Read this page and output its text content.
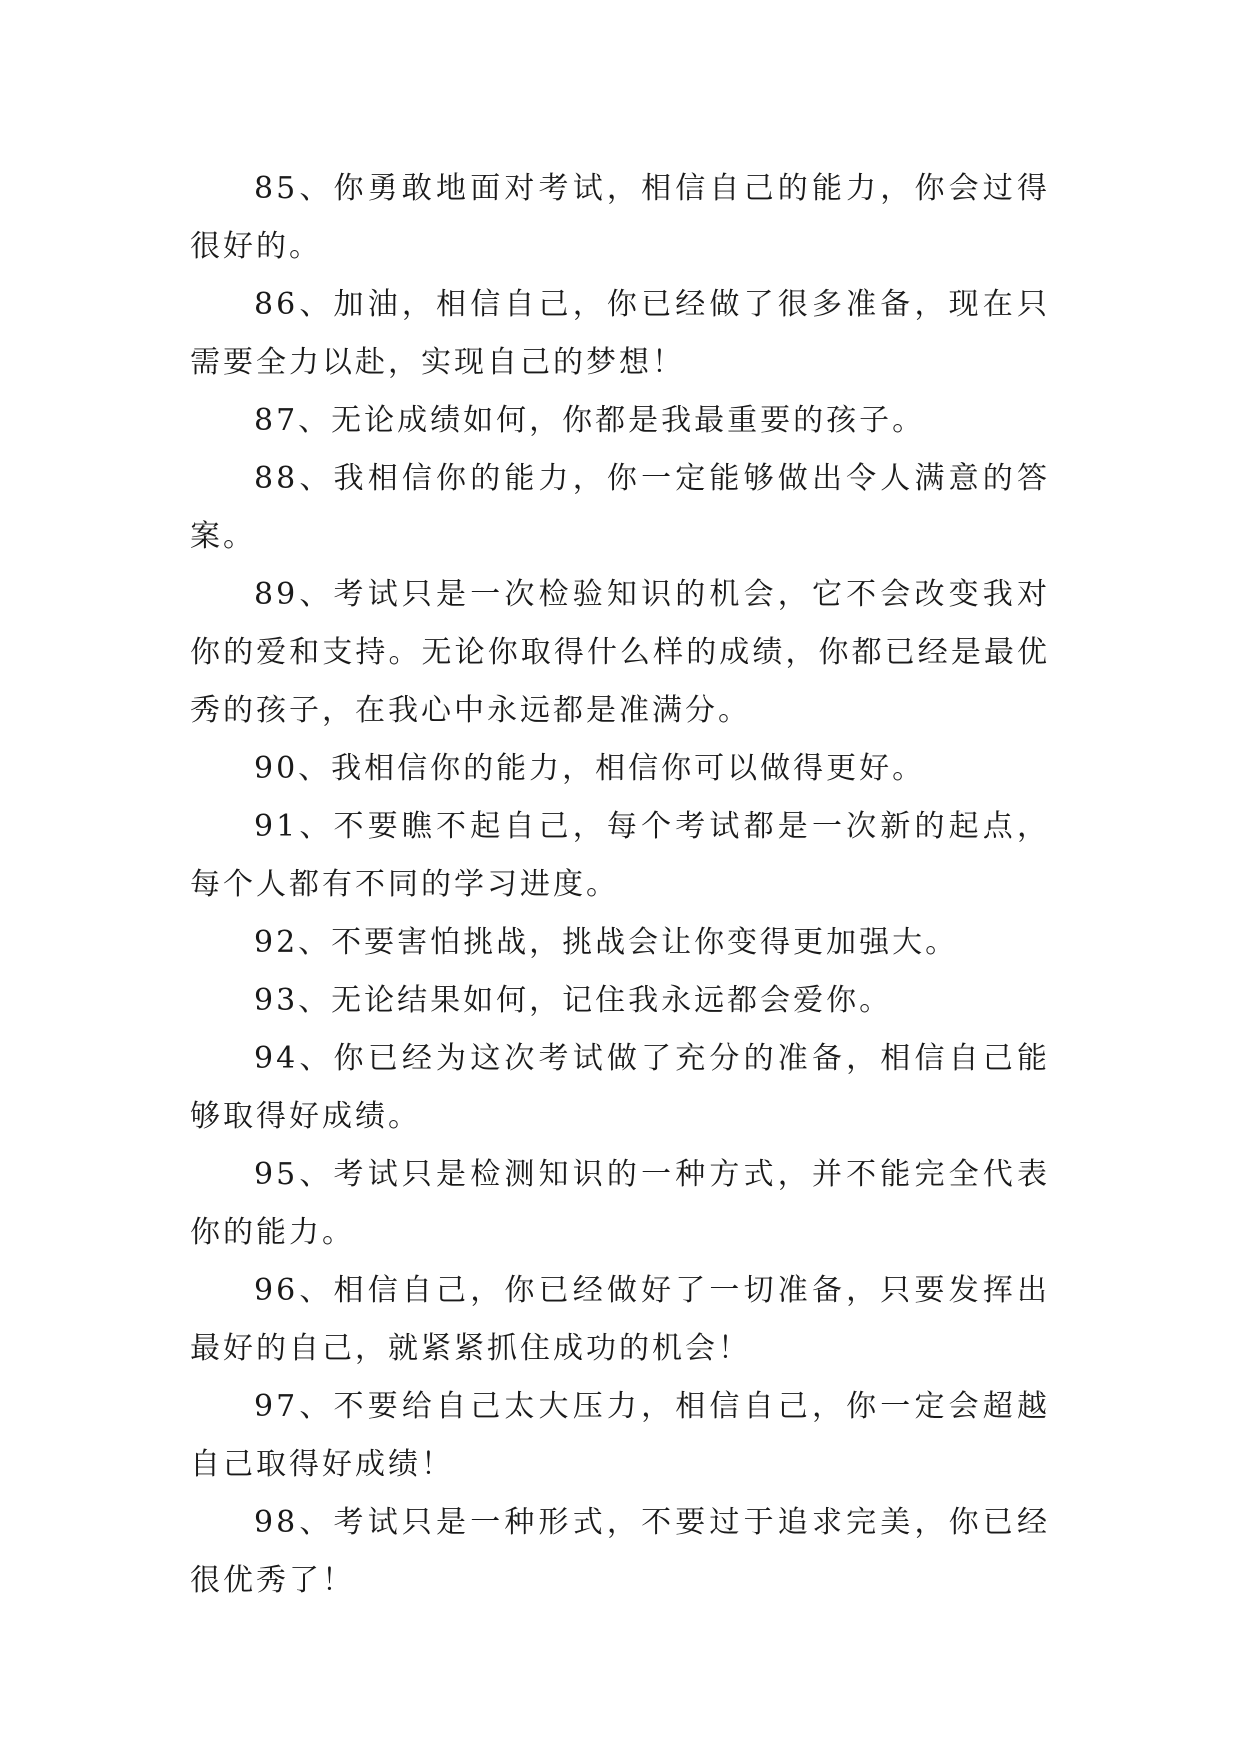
85、你勇敢地面对考试，相信自己的能力，你会过得很好的。

86、加油，相信自己，你已经做了很多准备，现在只需要全力以赴，实现自己的梦想！

87、无论成绩如何，你都是我最重要的孩子。

88、我相信你的能力，你一定能够做出令人满意的答案。

89、考试只是一次检验知识的机会，它不会改变我对你的爱和支持。无论你取得什么样的成绩，你都已经是最优秀的孩子，在我心中永远都是准满分。

90、我相信你的能力，相信你可以做得更好。

91、不要瞧不起自己，每个考试都是一次新的起点，每个人都有不同的学习进度。

92、不要害怕挑战，挑战会让你变得更加强大。

93、无论结果如何，记住我永远都会爱你。

94、你已经为这次考试做了充分的准备，相信自己能够取得好成绩。

95、考试只是检测知识的一种方式，并不能完全代表你的能力。

96、相信自己，你已经做好了一切准备，只要发挥出最好的自己，就紧紧抓住成功的机会！

97、不要给自己太大压力，相信自己，你一定会超越自己取得好成绩！

98、考试只是一种形式，不要过于追求完美，你已经很优秀了！
